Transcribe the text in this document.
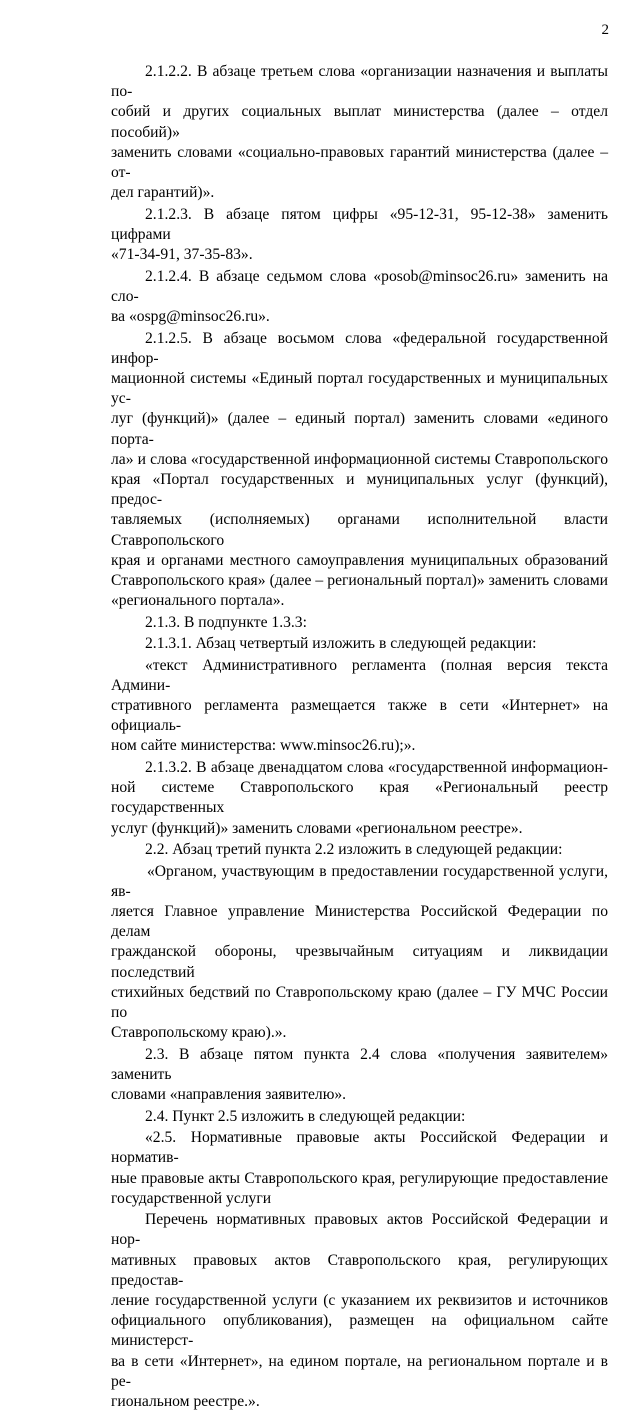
2
2.1.2.2. В абзаце третьем слова «организации назначения и выплаты по-
собий и других социальных выплат министерства (далее – отдел пособий)»
заменить словами «социально-правовых гарантий министерства (далее – от-
дел гарантий)».
2.1.2.3. В абзаце пятом цифры «95-12-31, 95-12-38» заменить цифрами
«71-34-91, 37-35-83».
2.1.2.4. В абзаце седьмом слова «posob@minsoc26.ru» заменить на сло-
ва «ospg@minsoc26.ru».
2.1.2.5. В абзаце восьмом слова «федеральной государственной инфор-
мационной системы «Единый портал государственных и муниципальных ус-
луг (функций)» (далее – единый портал) заменить словами «единого порта-
ла» и слова «государственной информационной системы Ставропольского
края «Портал государственных и муниципальных услуг (функций), предос-
тавляемых (исполняемых) органами исполнительной власти Ставропольского
края и органами местного самоуправления муниципальных образований
Ставропольского края» (далее – региональный портал)» заменить словами
«регионального портала».
2.1.3. В подпункте 1.3.3:
2.1.3.1. Абзац четвертый изложить в следующей редакции:
«текст Административного регламента (полная версия текста Админи-
стративного регламента размещается также в сети «Интернет» на официаль-
ном сайте министерства: www.minsoc26.ru);».
2.1.3.2. В абзаце двенадцатом слова «государственной информацион-
ной системе Ставропольского края «Региональный реестр государственных
услуг (функций)» заменить словами «региональном реестре».
2.2. Абзац третий пункта 2.2 изложить в следующей редакции:
«Органом, участвующим в предоставлении государственной услуги, яв-
ляется Главное управление Министерства Российской Федерации по делам
гражданской обороны, чрезвычайным ситуациям и ликвидации последствий
стихийных бедствий по Ставропольскому краю (далее – ГУ МЧС России по
Ставропольскому краю).».
2.3. В абзаце пятом пункта 2.4 слова «получения заявителем» заменить
словами «направления заявителю».
2.4. Пункт 2.5 изложить в следующей редакции:
«2.5. Нормативные правовые акты Российской Федерации и норматив-
ные правовые акты Ставропольского края, регулирующие предоставление
государственной услуги
Перечень нормативных правовых актов Российской Федерации и нор-
мативных правовых актов Ставропольского края, регулирующих предостав-
ление государственной услуги (с указанием их реквизитов и источников
официального опубликования), размещен на официальном сайте министерст-
ва в сети «Интернет», на едином портале, на региональном портале и в ре-
гиональном реестре.».
